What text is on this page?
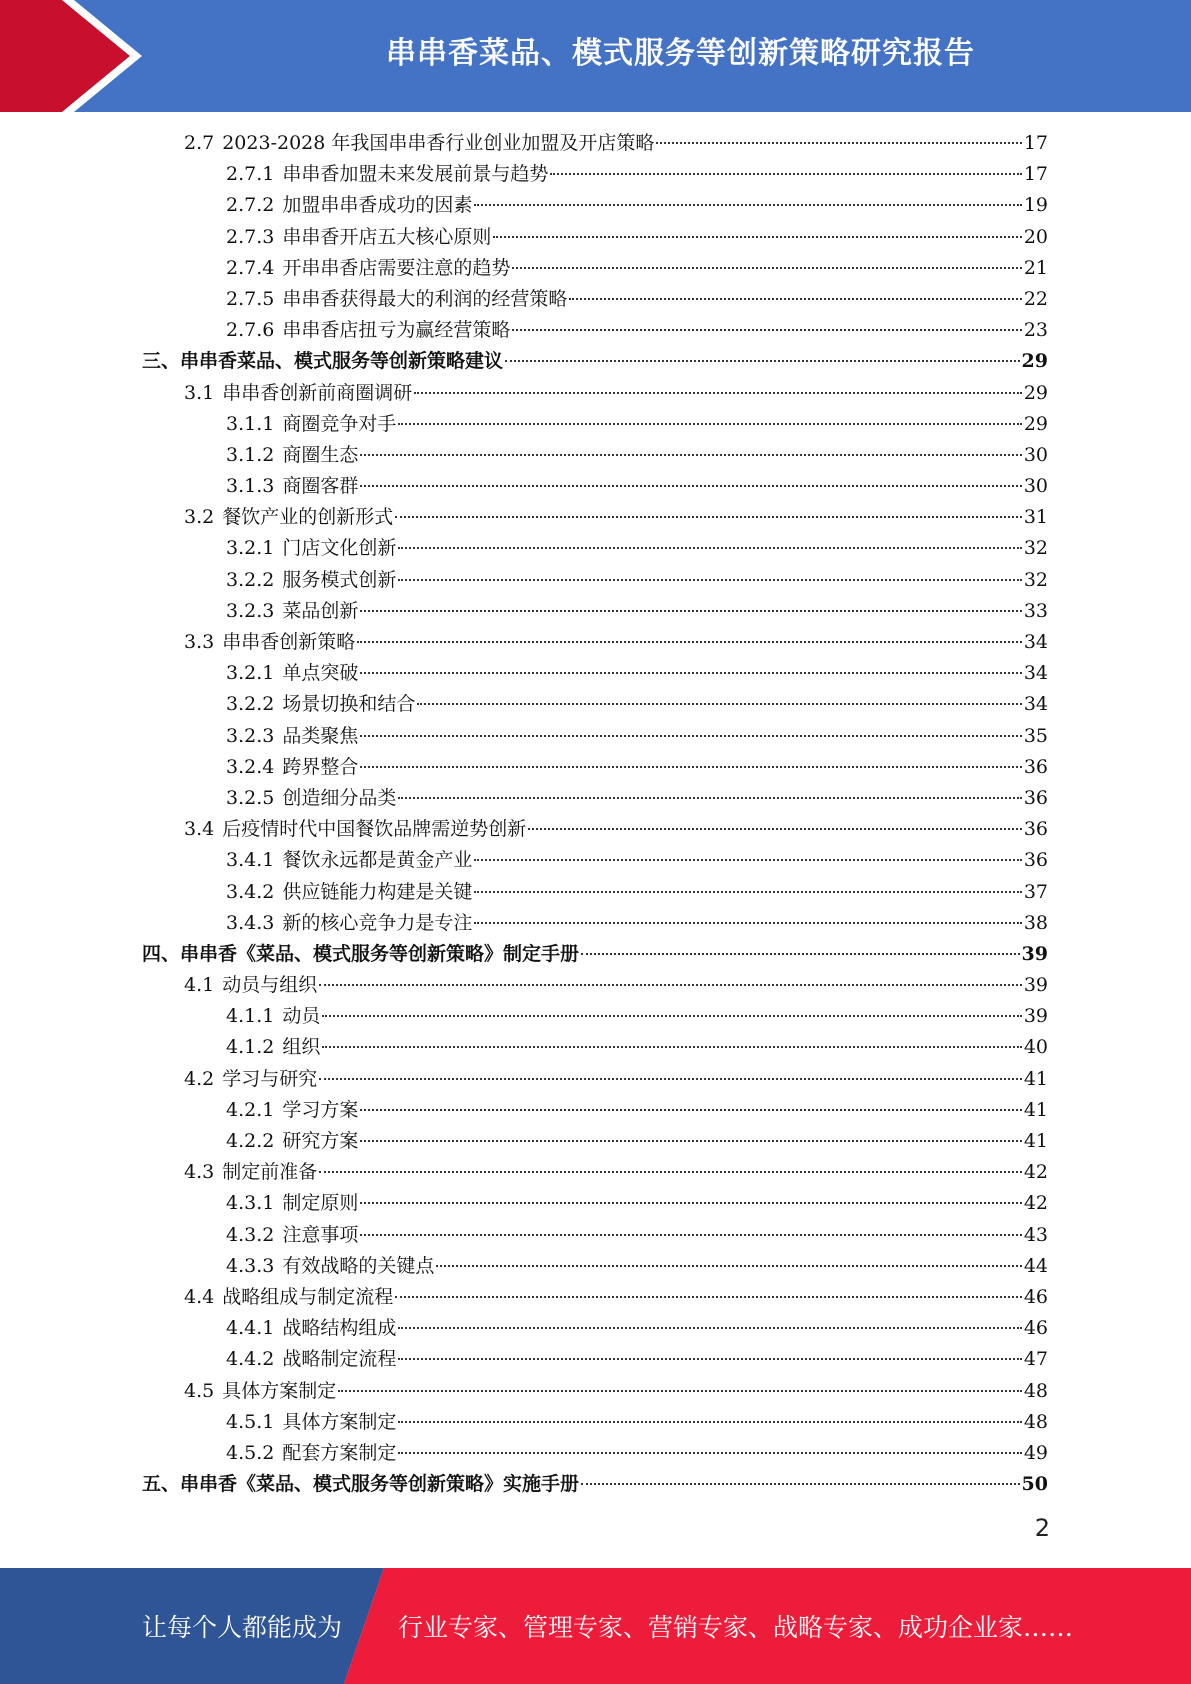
串串香菜品、模式服务等创新策略研究报告
2.7 2023-2028 年我国串串香行业创业加盟及开店策略	17
2.7.1 串串香加盟未来发展前景与趋势	17
2.7.2 加盟串串香成功的因素	19
2.7.3 串串香开店五大核心原则	20
2.7.4 开串串香店需要注意的趋势	21
2.7.5 串串香获得最大的利润的经营策略	22
2.7.6 串串香店扭亏为赢经营策略	23
三、 串串香菜品、模式服务等创新策略建议	29
3.1 串串香创新前商圈调研	29
3.1.1 商圈竞争对手	29
3.1.2 商圈生态	30
3.1.3 商圈客群	30
3.2 餐饮产业的创新形式	31
3.2.1 门店文化创新	32
3.2.2 服务模式创新	32
3.2.3 菜品创新	33
3.3 串串香创新策略	34
3.2.1 单点突破	34
3.2.2 场景切换和结合	34
3.2.3 品类聚焦	35
3.2.4 跨界整合	36
3.2.5 创造细分品类	36
3.4 后疫情时代中国餐饮品牌需逆势创新	36
3.4.1 餐饮永远都是黄金产业	36
3.4.2 供应链能力构建是关键	37
3.4.3 新的核心竞争力是专注	38
四、 串串香《菜品、模式服务等创新策略》制定手册	39
4.1 动员与组织	39
4.1.1 动员	39
4.1.2 组织	40
4.2 学习与研究	41
4.2.1 学习方案	41
4.2.2 研究方案	41
4.3 制定前准备	42
4.3.1 制定原则	42
4.3.2 注意事项	43
4.3.3 有效战略的关键点	44
4.4 战略组成与制定流程	46
4.4.1 战略结构组成	46
4.4.2 战略制定流程	47
4.5 具体方案制定	48
4.5.1 具体方案制定	48
4.5.2 配套方案制定	49
五、 串串香《菜品、模式服务等创新策略》实施手册	50
2
让每个人都能成为 行业专家、管理专家、营销专家、战略专家、成功企业家……
